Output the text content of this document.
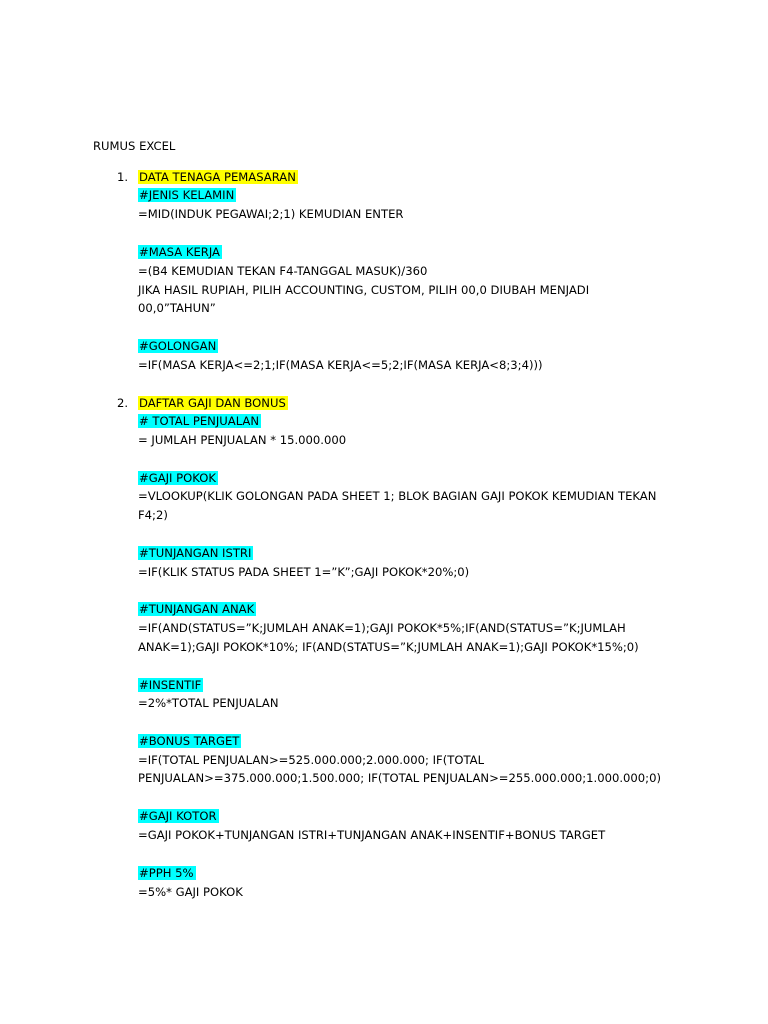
RUMUS EXCEL
1. DATA TENAGA PEMASARAN
#JENIS KELAMIN
=MID(INDUK PEGAWAI;2;1) KEMUDIAN ENTER
#MASA KERJA
=(B4 KEMUDIAN TEKAN F4-TANGGAL MASUK)/360
JIKA HASIL RUPIAH, PILIH ACCOUNTING, CUSTOM, PILIH 00,0 DIUBAH MENJADI
00,0”TAHUN”
#GOLONGAN
=IF(MASA KERJA<=2;1;IF(MASA KERJA<=5;2;IF(MASA KERJA<8;3;4)))
2. DAFTAR GAJI DAN BONUS
# TOTAL PENJUALAN
= JUMLAH PENJUALAN * 15.000.000
#GAJI POKOK
=VLOOKUP(KLIK GOLONGAN PADA SHEET 1; BLOK BAGIAN GAJI POKOK KEMUDIAN TEKAN
F4;2)
#TUNJANGAN ISTRI
=IF(KLIK STATUS PADA SHEET 1=”K”;GAJI POKOK*20%;0)
#TUNJANGAN ANAK
=IF(AND(STATUS=”K;JUMLAH ANAK=1);GAJI POKOK*5%;IF(AND(STATUS=”K;JUMLAH
ANAK=1);GAJI POKOK*10%; IF(AND(STATUS=”K;JUMLAH ANAK=1);GAJI POKOK*15%;0)
#INSENTIF
=2%*TOTAL PENJUALAN
#BONUS TARGET
=IF(TOTAL PENJUALAN>=525.000.000;2.000.000; IF(TOTAL
PENJUALAN>=375.000.000;1.500.000; IF(TOTAL PENJUALAN>=255.000.000;1.000.000;0)
#GAJI KOTOR
=GAJI POKOK+TUNJANGAN ISTRI+TUNJANGAN ANAK+INSENTIF+BONUS TARGET
#PPH 5%
=5%* GAJI POKOK
